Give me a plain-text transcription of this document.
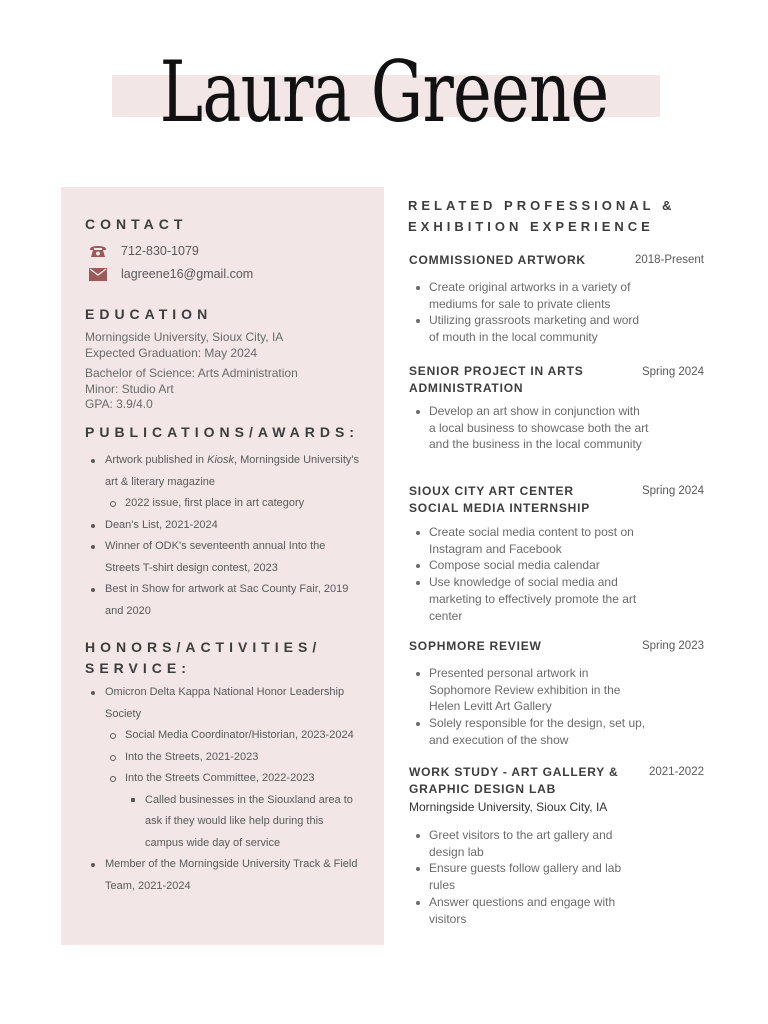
Laura Greene
CONTACT
712-830-1079
lagreene16@gmail.com
EDUCATION
Morningside University, Sioux City, IA
Expected Graduation: May 2024
Bachelor of Science: Arts Administration
Minor: Studio Art
GPA: 3.9/4.0
PUBLICATIONS/AWARDS:
Artwork published in Kiosk, Morningside University's art & literary magazine
2022 issue, first place in art category
Dean's List, 2021-2024
Winner of ODK's seventeenth annual Into the Streets T-shirt design contest, 2023
Best in Show for artwork at Sac County Fair, 2019 and 2020
HONORS/ACTIVITIES/
SERVICE:
Omicron Delta Kappa National Honor Leadership Society
Social Media Coordinator/Historian, 2023-2024
Into the Streets, 2021-2023
Into the Streets Committee, 2022-2023
Called businesses in the Siouxland area to ask if they would like help during this campus wide day of service
Member of the Morningside University Track & Field Team, 2021-2024
RELATED PROFESSIONAL &
EXHIBITION EXPERIENCE
COMMISSIONED ARTWORK	2018-Present
Create original artworks in a variety of mediums for sale to private clients
Utilizing grassroots marketing and word of mouth in the local community
SENIOR PROJECT IN ARTS ADMINISTRATION
Spring 2024
Develop an art show in conjunction with a local business to showcase both the art and the business in the local community
SIOUX CITY ART CENTER
SOCIAL MEDIA INTERNSHIP
Spring 2024
Create social media content to post on Instagram and Facebook
Compose social media calendar
Use knowledge of social media and marketing to effectively promote the art center
SOPHMORE REVIEW	Spring 2023
Presented personal artwork in Sophomore Review exhibition in the Helen Levitt Art Gallery
Solely responsible for the design, set up, and execution of the show
WORK STUDY - ART GALLERY &
GRAPHIC DESIGN LAB
2021-2022
Morningside University, Sioux City, IA
Greet visitors to the art gallery and design lab
Ensure guests follow gallery and lab rules
Answer questions and engage with visitors
